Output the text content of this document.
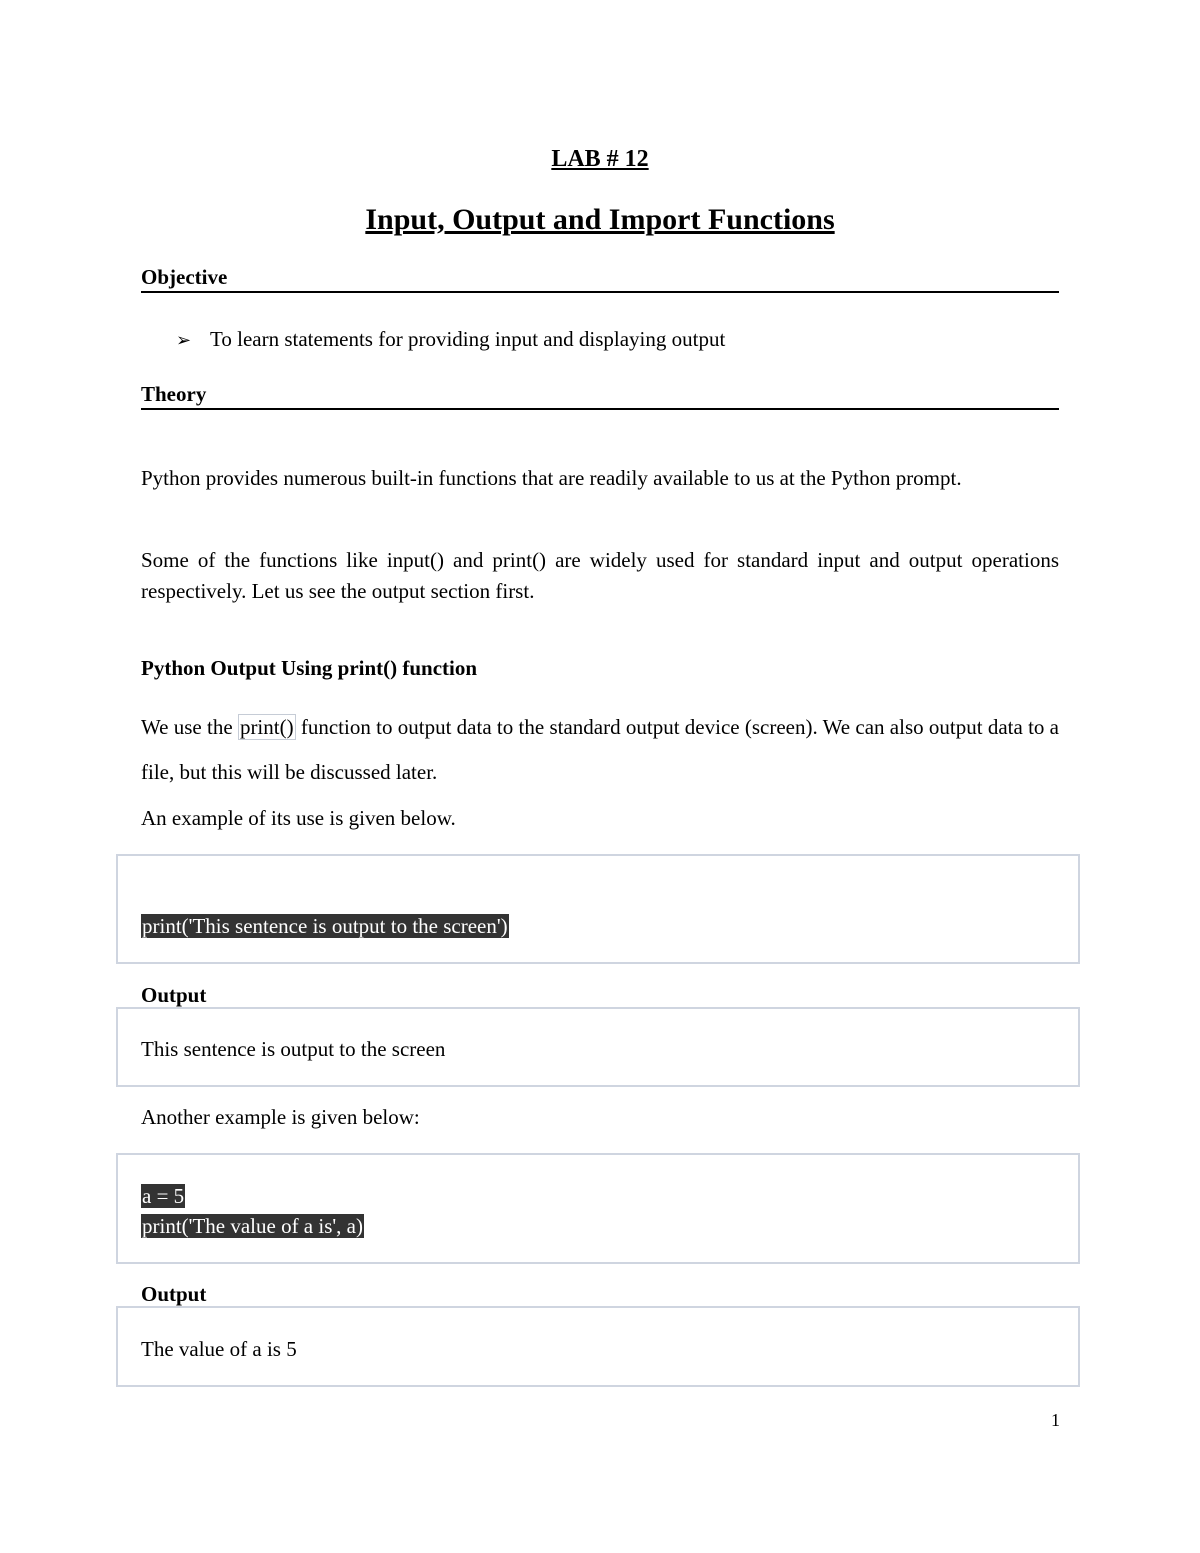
LAB # 12
Input, Output and Import Functions
Objective
➢ To learn statements for providing input and displaying output
Theory

Python provides numerous built-in functions that are readily available to us at the Python prompt.

Some of the functions like input() and print() are widely used for standard input and output operations respectively. Let us see the output section first.

Python Output Using print() function

We use the print() function to output data to the standard output device (screen). We can also output data to a file, but this will be discussed later.

An example of its use is given below.

print('This sentence is output to the screen')
Output
This sentence is output to the screen

Another example is given below:

a = 5
print('The value of a is', a)
Output
The value of a is 5
1
